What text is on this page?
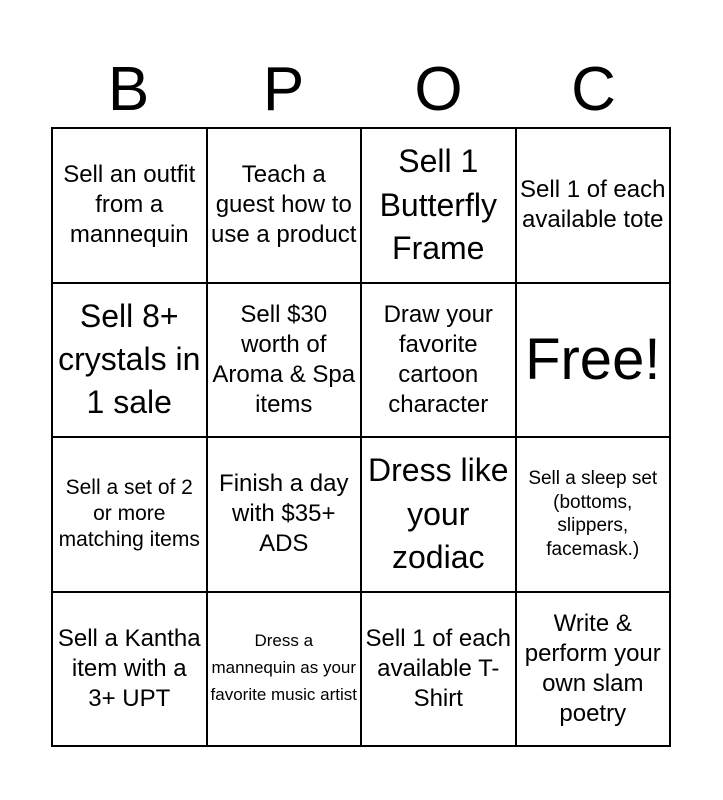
B	P	O	C
Sell an outfit from a mannequin
Teach a guest how to use a product
Sell 1 Butterfly Frame
Sell 1 of each available tote
Sell 8+ crystals in 1 sale
Sell $30 worth of Aroma & Spa items
Draw your favorite cartoon character
Free!
Sell a set of 2 or more matching items
Finish a day with $35+ ADS
Dress like your zodiac
Sell a sleep set (bottoms, slippers, facemask.)
Sell a Kantha item with a 3+ UPT
Dress a mannequin as your favorite music artist
Sell 1 of each available T-Shirt
Write & perform your own slam poetry
